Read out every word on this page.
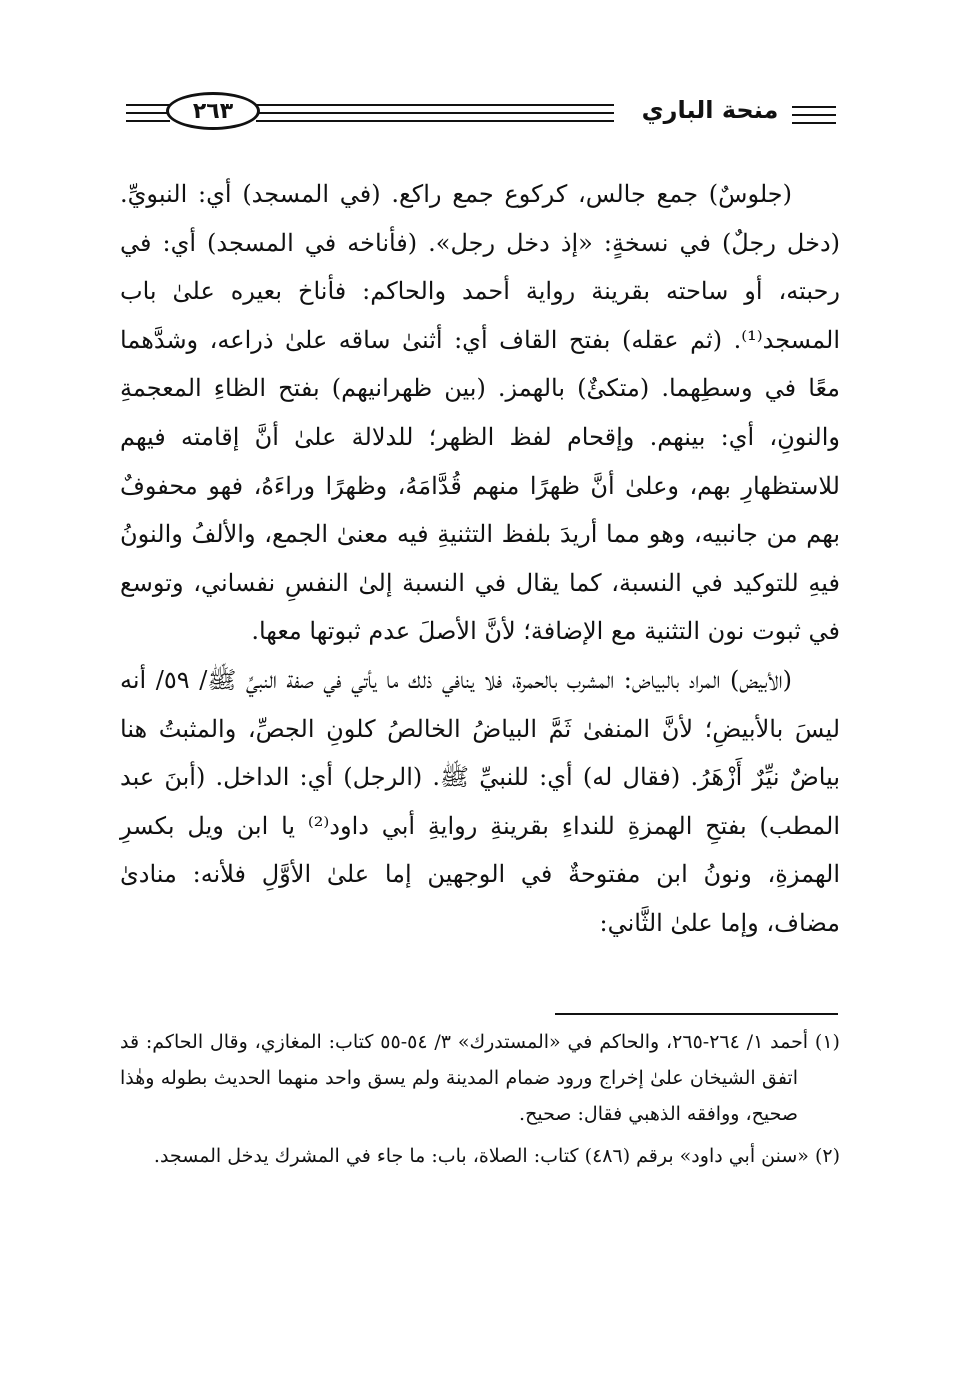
٢٦٣	منحة الباري

(جلوسٌ) جمع جالس، كركوع جمع راكع. (في المسجد) أي: النبويِّ. (دخل رجلٌ) في نسخةٍ: «إذ دخل رجل». (فأناخه في المسجد) أي: في رحبته، أو ساحته بقرينة رواية أحمد والحاكم: فأناخ بعيره علىٰ باب المسجد⁽¹⁾. (ثم عقله) بفتح القاف أي: أثنىٰ ساقه علىٰ ذراعه، وشدَّهما معًا في وسطِهما. (متكئٌ) بالهمز. (بين ظهرانيهم) بفتح الظاءِ المعجمةِ والنونِ، أي: بينهم. وإقحام لفظ الظهر؛ للدلالة علىٰ أنَّ إقامته فيهم للاستظهارِ بهم، وعلىٰ أنَّ ظهرًا منهم قُدَّامَهُ، وظهرًا وراءَهُ، فهو محفوفٌ بهم من جانبيه، وهو مما أريدَ بلفظ التثنيةِ فيه معنىٰ الجمع، والألفُ والنونُ فيهِ للتوكيد في النسبة، كما يقال في النسبة إلىٰ النفسِ نفساني، وتوسع في ثبوت نون التثنية مع الإضافة؛ لأنَّ الأصلَ عدم ثبوتها معها.

(الأبيض) المراد بالبياض: المشرب بالحمرة، فلا ينافي ذلك ما يأتي في صفة النبيِّ ﷺ/ ٥٩/ أنه ليسَ بالأبيضِ؛ لأنَّ المنفىٰ ثَمَّ البياضُ الخالصُ كلونِ الجصِّ، والمثبتُ هنا بياضٌ نيِّرٌ أَزْهَرُ. (فقال له) أي: للنبيِّ ﷺ. (الرجل) أي: الداخل. (أبنَ عبد المطب) بفتحِ الهمزةِ للنداءِ بقرينةِ روايةِ أبي داود⁽²⁾ يا ابن ويل بكسرِ الهمزةِ، ونونُ ابن مفتوحةٌ في الوجهين إما علىٰ الأوَّلِ فلأنه: منادىٰ مضاف، وإما علىٰ الثَّاني:

(١) أحمد ١/ ٢٦٤-٢٦٥، والحاكم في «المستدرك» ٣/ ٥٤-٥٥ كتاب: المغازي، وقال الحاكم: قد اتفق الشيخان علىٰ إخراج ورود ضمام المدينة ولم يسق واحد منهما الحديث بطوله وهٰذا صحيح، ووافقه الذهبي فقال: صحيح.

(٢) «سنن أبي داود» برقم (٤٨٦) كتاب: الصلاة، باب: ما جاء في المشرك يدخل المسجد.
